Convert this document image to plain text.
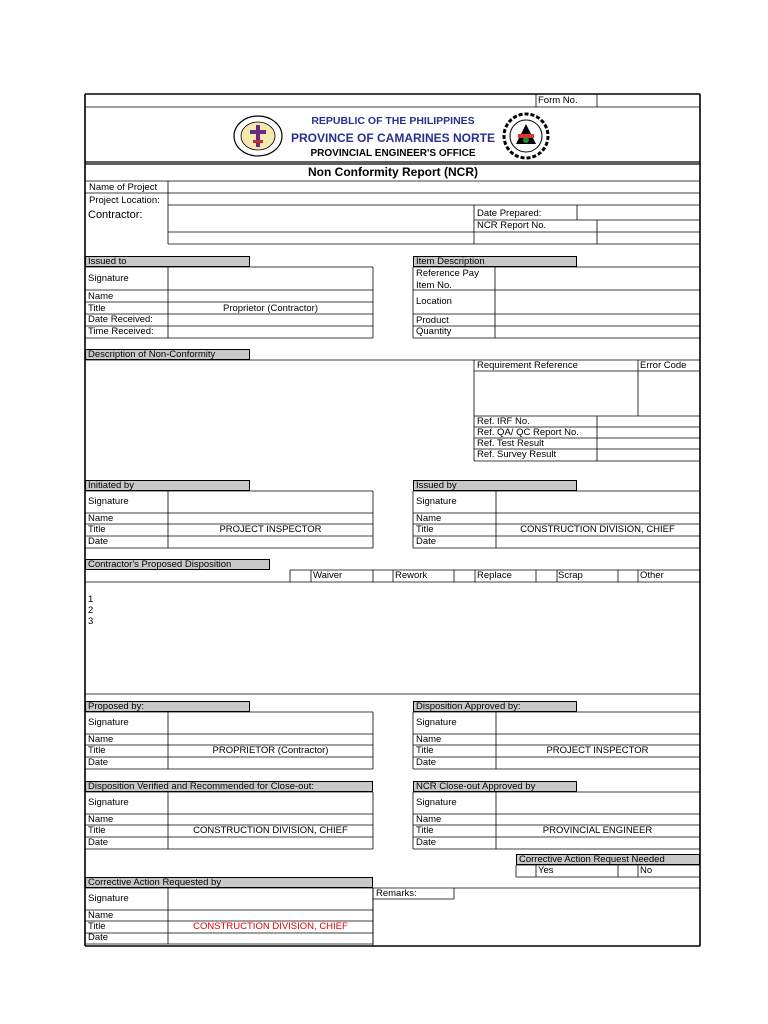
Form No.
REPUBLIC OF THE PHILIPPINES
PROVINCE OF CAMARINES NORTE
PROVINCIAL ENGINEER'S OFFICE
Non Conformity Report (NCR)
Name of Project
Project Location:
Contractor:	Date Prepared:
NCR Report No.
Issued to
Signature
Name
Title	Proprietor (Contractor)
Date Received:
Time Received:
Item Description
Reference Pay
Item No.
Location
Product
Quantity
Description of Non-Conformity
Requirement Reference	Error Code
Ref. IRF No.
Ref. QA/ QC Report No.
Ref. Test Result
Ref. Survey Result
Initiated by
Signature
Name
Title	PROJECT INSPECTOR
Date
Issued by
Signature
Name
Title	CONSTRUCTION DIVISION, CHIEF
Date
Contractor's Proposed Disposition
Waiver	Rework	Replace	Scrap	Other
1
2
3
Proposed by:
Signature
Name
Title	PROPRIETOR (Contractor)
Date
Disposition Approved by:
Signature
Name
Title	PROJECT INSPECTOR
Date
Disposition Verified and Recommended for Close-out:
Signature
Name
Title	CONSTRUCTION DIVISION, CHIEF
Date
NCR Close-out Approved by
Signature
Name
Title	PROVINCIAL ENGINEER
Date
Corrective Action Request Needed
Yes	No
Corrective Action Requested by
Signature
Name
Title	CONSTRUCTION DIVISION, CHIEF
Date
Remarks:
